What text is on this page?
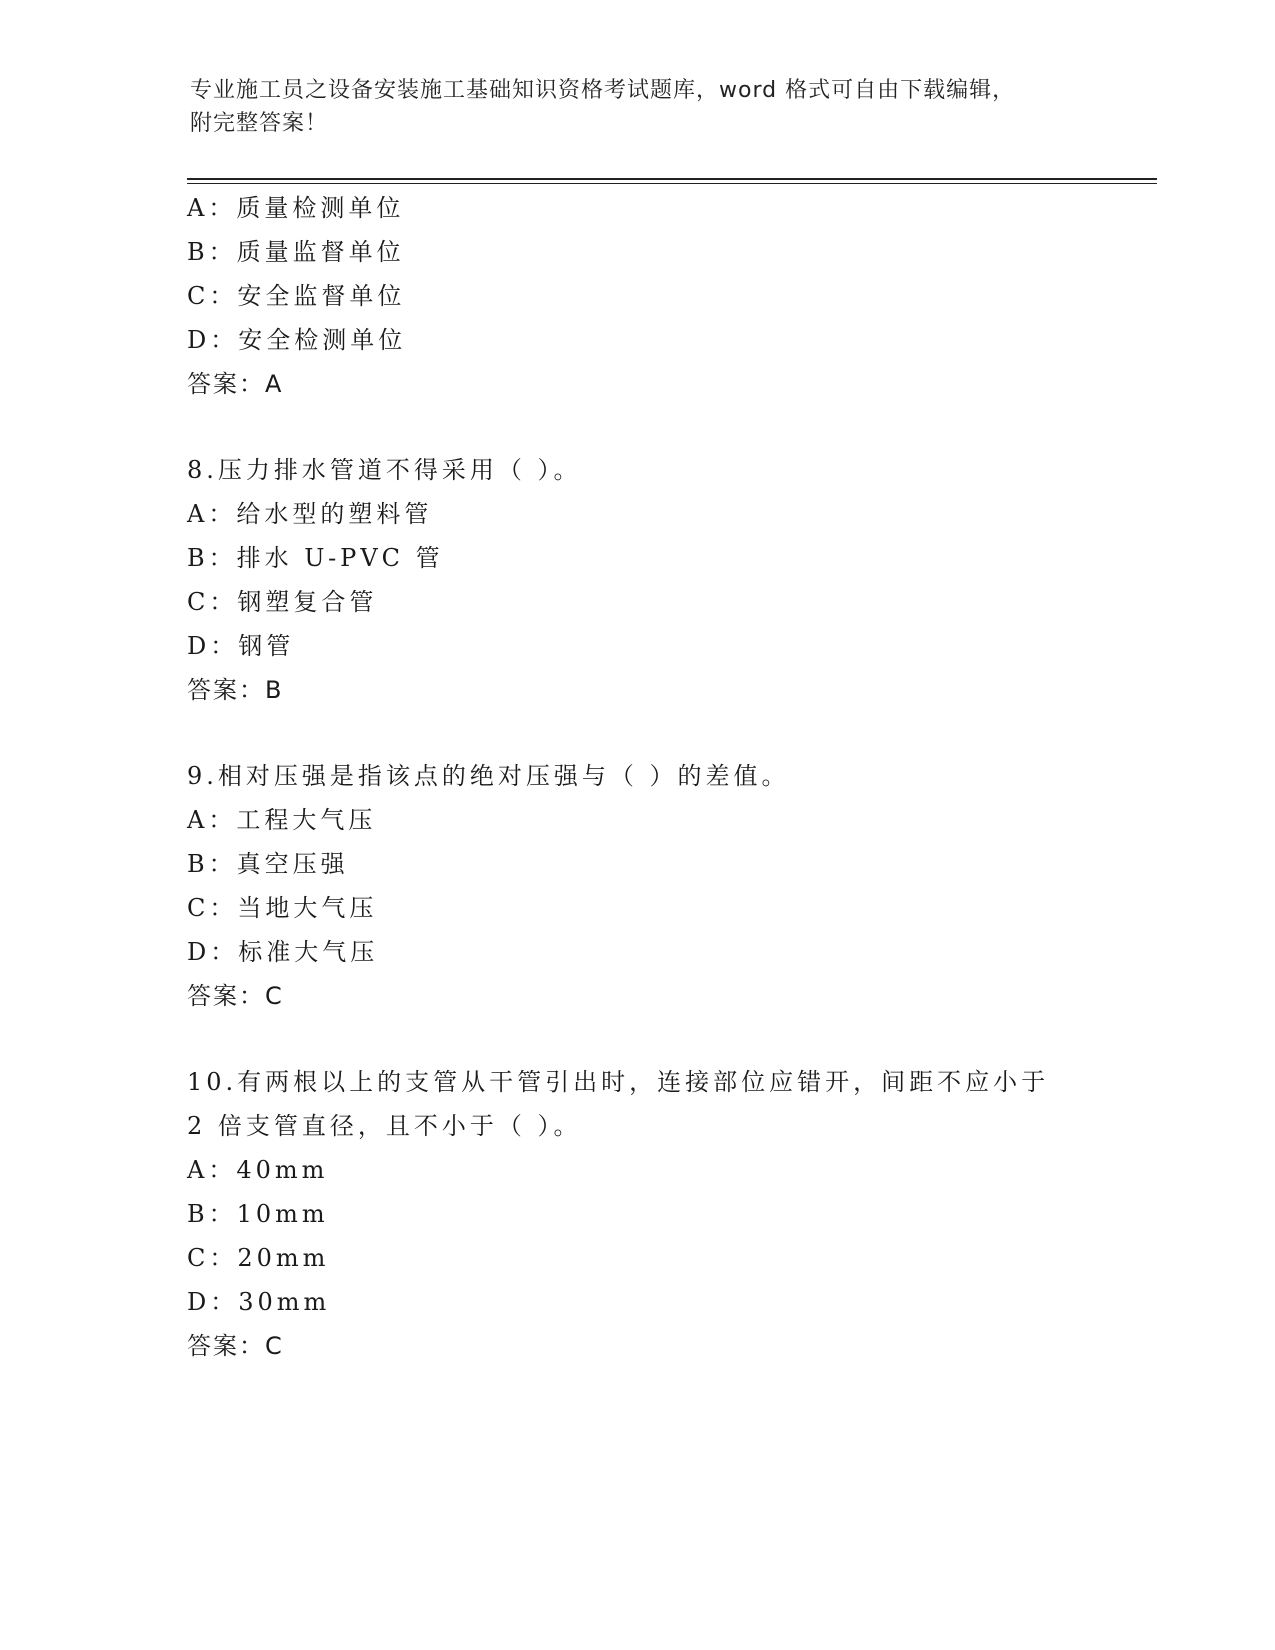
专业施工员之设备安装施工基础知识资格考试题库，word 格式可自由下载编辑，
附完整答案！
A：质量检测单位
B：质量监督单位
C：安全监督单位
D：安全检测单位
答案：A
8.压力排水管道不得采用（ ）。
A：给水型的塑料管
B：排水 U-PVC 管
C：钢塑复合管
D：钢管
答案：B
9.相对压强是指该点的绝对压强与（ ）的差值。
A：工程大气压
B：真空压强
C：当地大气压
D：标准大气压
答案：C
10.有两根以上的支管从干管引出时，连接部位应错开，间距不应小于
2 倍支管直径，且不小于（ ）。
A：40mm
B：10mm
C：20mm
D：30mm
答案：C
